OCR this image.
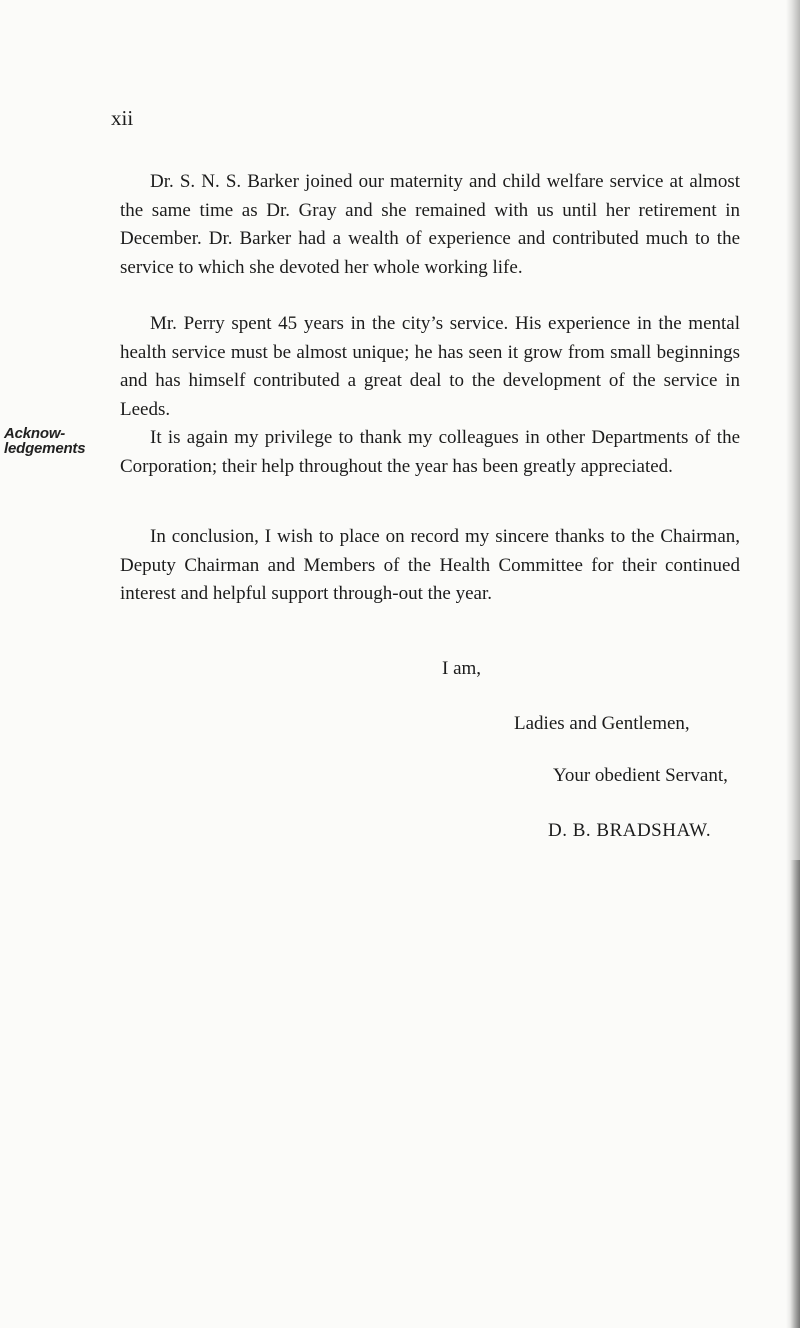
xii
Acknow-
ledgements

Dr. S. N. S. Barker joined our maternity and child welfare service at almost the same time as Dr. Gray and she remained with us until her retirement in December. Dr. Barker had a wealth of experience and contributed much to the service to which she devoted her whole working life.

Mr. Perry spent 45 years in the city’s service. His experience in the mental health service must be almost unique; he has seen it grow from small beginnings and has himself contributed a great deal to the development of the service in Leeds.

It is again my privilege to thank my colleagues in other Departments of the Corporation; their help throughout the year has been greatly appreciated.

In conclusion, I wish to place on record my sincere thanks to the Chairman, Deputy Chairman and Members of the Health Committee for their continued interest and helpful support through-out the year.

I am,
Ladies and Gentlemen,
Your obedient Servant,
D. B. BRADSHAW.
